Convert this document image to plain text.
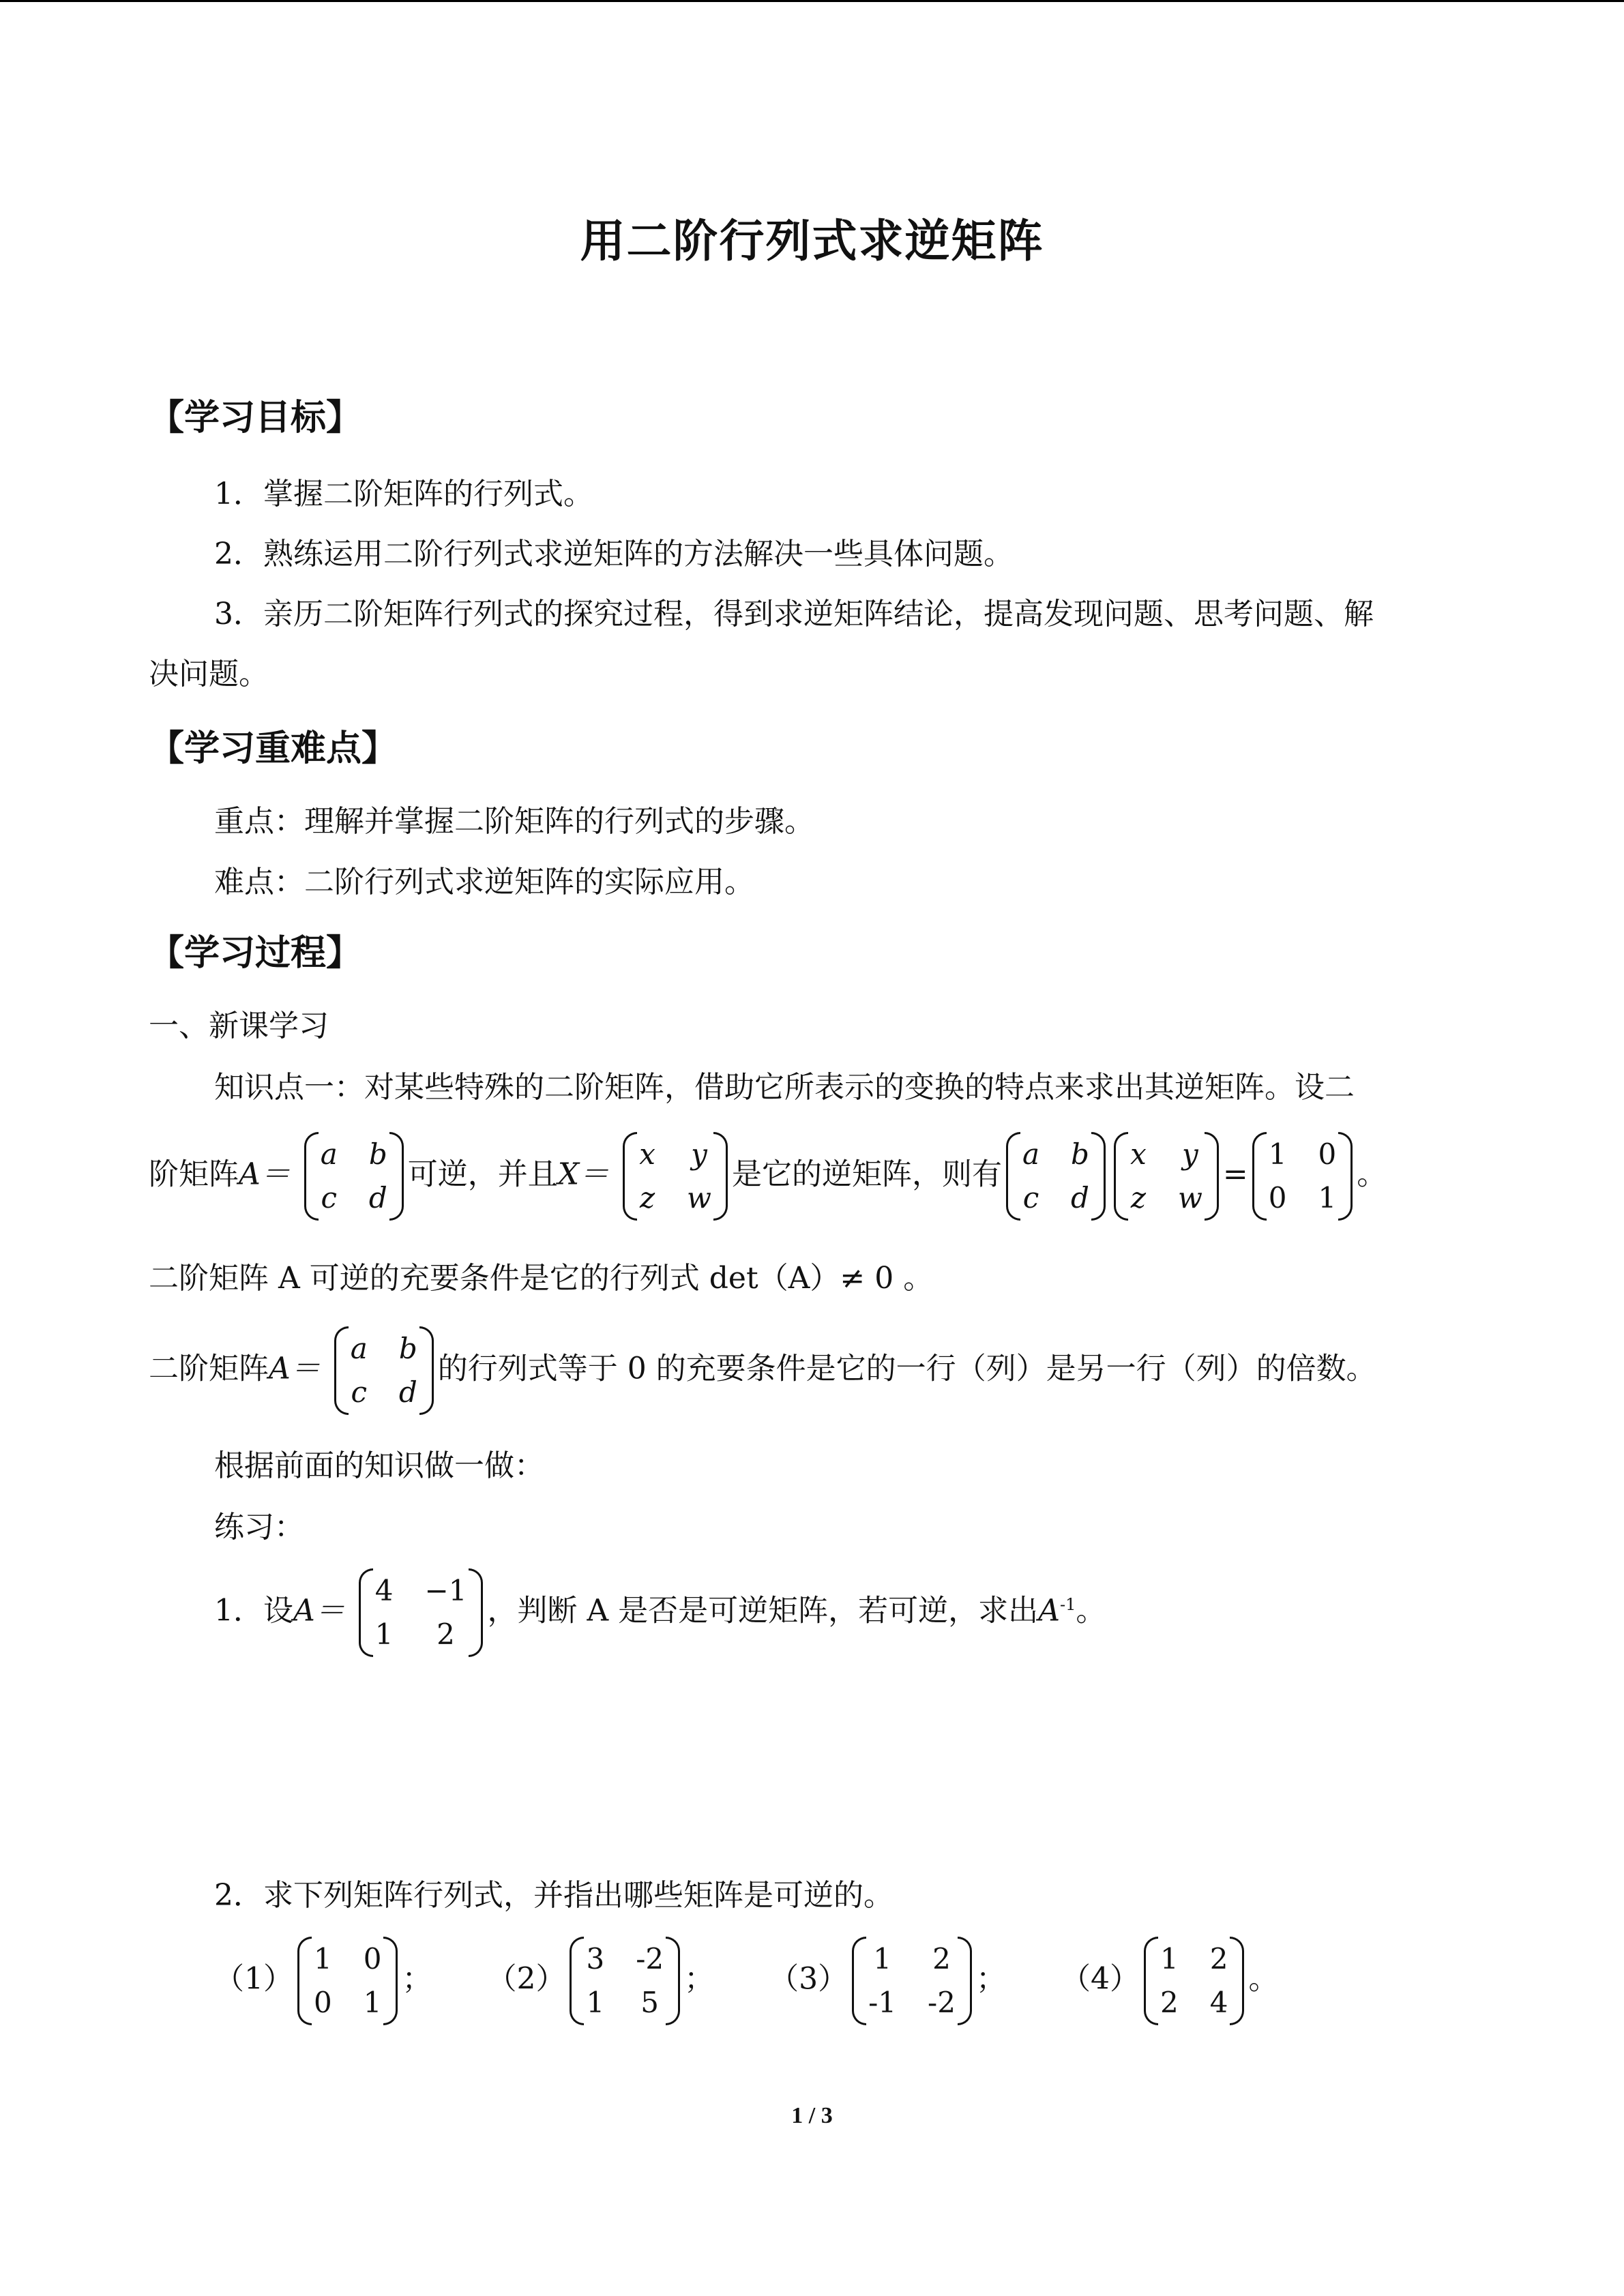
用二阶行列式求逆矩阵
【学习目标】
1．掌握二阶矩阵的行列式。
2．熟练运用二阶行列式求逆矩阵的方法解决一些具体问题。
3．亲历二阶矩阵行列式的探究过程，得到求逆矩阵结论，提高发现问题、思考问题、解
决问题。
【学习重难点】
重点：理解并掌握二阶矩阵的行列式的步骤。
难点：二阶行列式求逆矩阵的实际应用。
【学习过程】
一、新课学习
知识点一：对某些特殊的二阶矩阵，借助它所表示的变换的特点来求出其逆矩阵。设二
阶矩阵A＝
a b
c d
可逆，并且X＝
x y
z w
是它的逆矩阵，则有
a b
c d
x y
z w
=
1 0
0 1
。
二阶矩阵 A 可逆的充要条件是它的行列式 det（A）≠ 0 。
二阶矩阵A＝
a b
c d
的行列式等于 0 的充要条件是它的一行（列）是另一行（列）的倍数。
根据前面的知识做一做：
练习：
1．设A＝
4 −1
1	2
，判断 A 是否是可逆矩阵，若可逆，求出$A^{-1}$。
2．求下列矩阵行列式，并指出哪些矩阵是可逆的。
（1）
1 0
0 1
； （2）
3 -2
1 5
； （3）
1 2
-1 -2
； （4）
1 2
2 4
。
1 / 3
